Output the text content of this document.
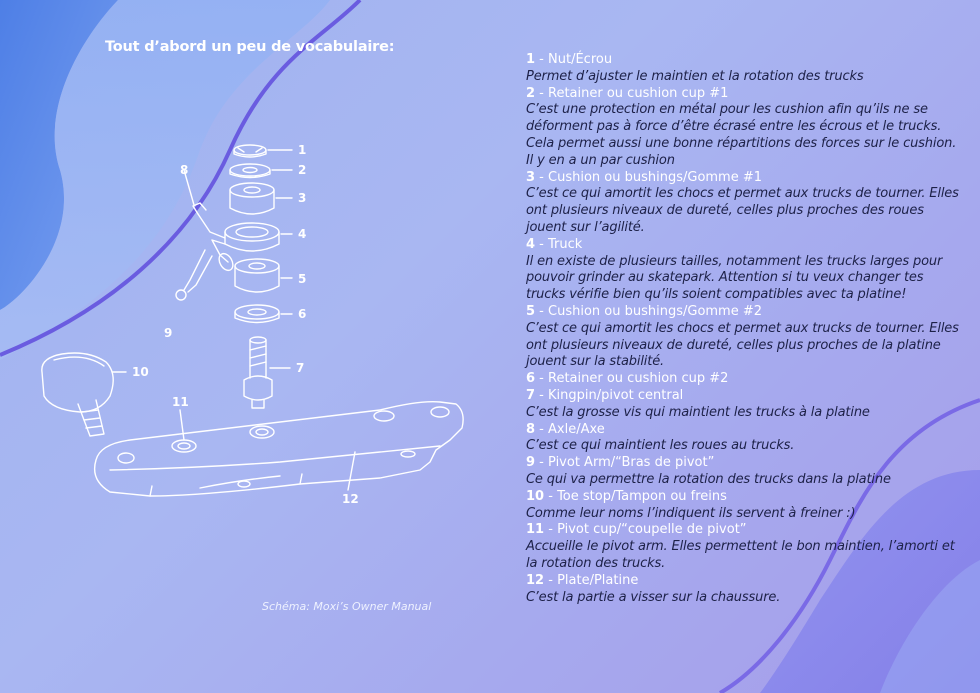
Tout d’abord un peu de vocabulaire:
1
2
3
4
5
6
7
8
9
10
11
12
Schéma: Moxi’s Owner Manual
1 - Nut/Écrou
Permet d’ajuster le maintien et la rotation des trucks
2 - Retainer ou cushion cup #1
C’est une protection en métal pour les cushion afin qu’ils ne se déforment pas à force d’être écrasé entre les écrous et le trucks. Cela permet aussi une bonne répartitions des forces sur le cushion. Il y en a un par cushion
3 - Cushion ou bushings/Gomme #1
C’est ce qui amortit les chocs et permet aux trucks de tourner. Elles ont plusieurs niveaux de dureté, celles plus proches des roues jouent sur l’agilité.
4 - Truck
Il en existe de plusieurs tailles, notamment les trucks larges pour pouvoir grinder au skatepark. Attention si tu veux changer tes trucks vérifie bien qu’ils soient compatibles avec ta platine!
5 - Cushion ou bushings/Gomme #2
C’est ce qui amortit les chocs et permet aux trucks de tourner. Elles ont plusieurs niveaux de dureté, celles plus proches de la platine jouent sur la stabilité.
6 - Retainer ou cushion cup #2
7 - Kingpin/pivot central
C’est la grosse vis qui maintient les trucks à la platine
8 - Axle/Axe
C’est ce qui maintient les roues au trucks.
9 - Pivot Arm/“Bras de pivot”
Ce qui va permettre la rotation des trucks dans la platine
10 - Toe stop/Tampon ou freins
Comme leur noms l’indiquent ils servent à freiner :)
11 - Pivot cup/“coupelle de pivot”
Accueille le pivot arm. Elles permettent le bon maintien, l’amorti et la rotation des trucks.
12 - Plate/Platine
C’est la partie a visser sur la chaussure.
